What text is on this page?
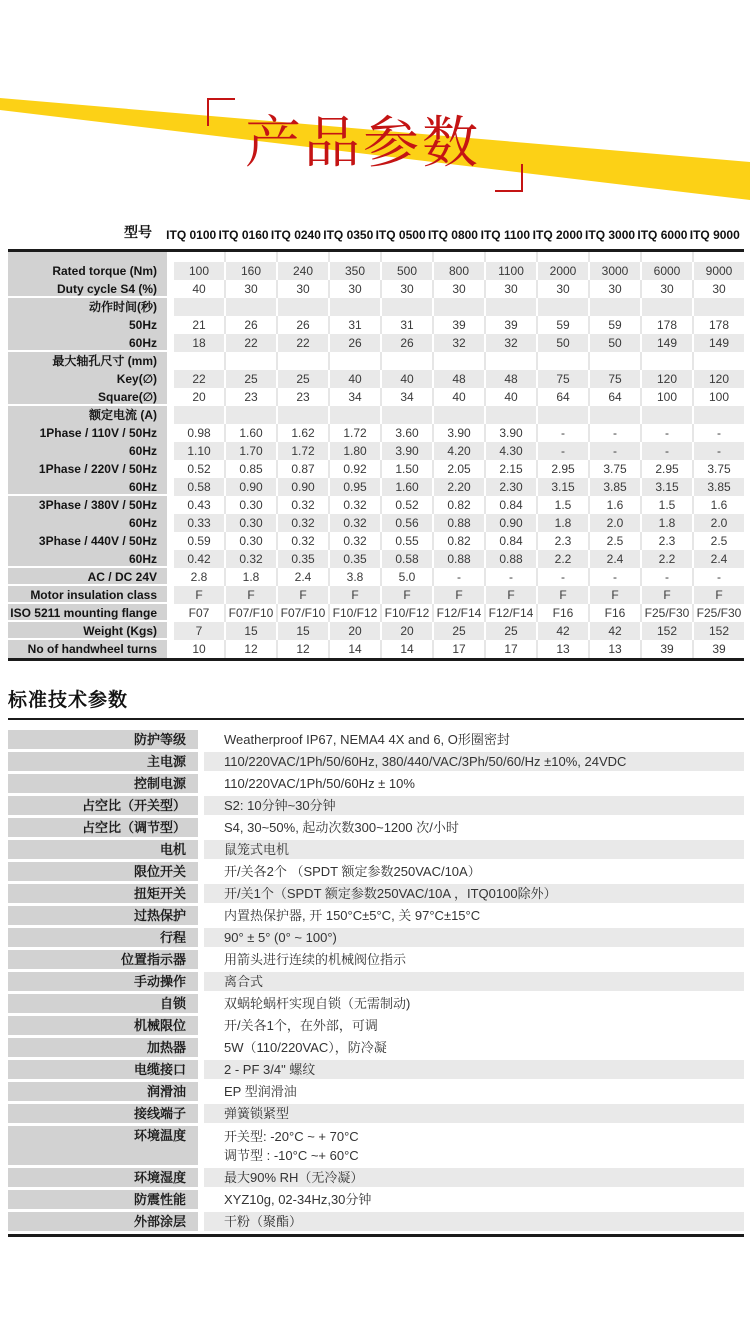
产品参数
型号	ITQ 0100 ITQ 0160 ITQ 0240 ITQ 0350 ITQ 0500 ITQ 0800 ITQ 1100 ITQ 2000 ITQ 3000 ITQ 6000 ITQ 9000
Rated torque (Nm)	100	160	240	350	500	800	1100	2000	3000	6000	9000
Duty cycle S4 (%)	40	30	30	30	30	30	30	30	30	30	30
动作时间(秒)
50Hz	21	26	26	31	31	39	39	59	59	178	178
60Hz	18	22	22	26	26	32	32	50	50	149	149
最大轴孔尺寸 (mm)
Key(∅)	22	25	25	40	40	48	48	75	75	120	120
Square(∅)	20	23	23	34	34	40	40	64	64	100	100
额定电流 (A)
1Phase / 110V / 50Hz	0.98	1.60	1.62	1.72	3.60	3.90	3.90	-	-	-	-
60Hz	1.10	1.70	1.72	1.80	3.90	4.20	4.30	-	-	-	-
1Phase / 220V / 50Hz	0.52	0.85	0.87	0.92	1.50	2.05	2.15	2.95	3.75	2.95	3.75
60Hz	0.58	0.90	0.90	0.95	1.60	2.20	2.30	3.15	3.85	3.15	3.85
3Phase / 380V / 50Hz	0.43	0.30	0.32	0.32	0.52	0.82	0.84	1.5	1.6	1.5	1.6
60Hz	0.33	0.30	0.32	0.32	0.56	0.88	0.90	1.8	2.0	1.8	2.0
3Phase / 440V / 50Hz	0.59	0.30	0.32	0.32	0.55	0.82	0.84	2.3	2.5	2.3	2.5
60Hz	0.42	0.32	0.35	0.35	0.58	0.88	0.88	2.2	2.4	2.2	2.4
AC / DC 24V	2.8	1.8	2.4	3.8	5.0	-	-	-	-	-	-
Motor insulation class	F	F	F	F	F	F	F	F	F	F	F
ISO 5211 mounting flange	F07	F07/F10 F07/F10 F10/F12 F10/F12 F12/F14 F12/F14	F16	F16	F25/F30 F25/F30
Weight (Kgs)	7	15	15	20	20	25	25	42	42	152	152
No of handwheel turns	10	12	12	14	14	17	17	13	13	39	39
标准技术参数
防护等级	Weatherproof IP67, NEMA4 4X and 6, O形圈密封
主电源	110/220VAC/1Ph/50/60Hz, 380/440/VAC/3Ph/50/60/Hz ±10%, 24VDC
控制电源	110/220VAC/1Ph/50/60Hz ± 10%
占空比（开关型）	S2: 10分钟~30分钟
占空比（调节型）	S4, 30~50%, 起动次数300~1200 次/小时
电机	鼠笼式电机
限位开关	开/关各2个 （SPDT 额定参数250VAC/10A）
扭矩开关	开/关1个（SPDT 额定参数250VAC/10A ，ITQ0100除外）
过热保护	内置热保护器, 开 150°C±5°C, 关 97°C±15°C
行程	90° ± 5° (0° ~ 100°)
位置指示器	用箭头进行连续的机械阀位指示
手动操作	离合式
自锁	双蜗轮蜗杆实现自锁（无需制动)
机械限位	开/关各1个，在外部，可调
加热器	5W（110/220VAC），防冷凝
电缆接口	2 - PF 3/4" 螺纹
润滑油	EP 型润滑油
接线端子	弹簧锁紧型
环境温度	开关型: -20°C ~ + 70°C
调节型 : -10°C ~+ 60°C
环境湿度	最大90% RH（无冷凝）
防震性能	XYZ10g, 02-34Hz,30分钟
外部涂层	干粉（聚酯）
